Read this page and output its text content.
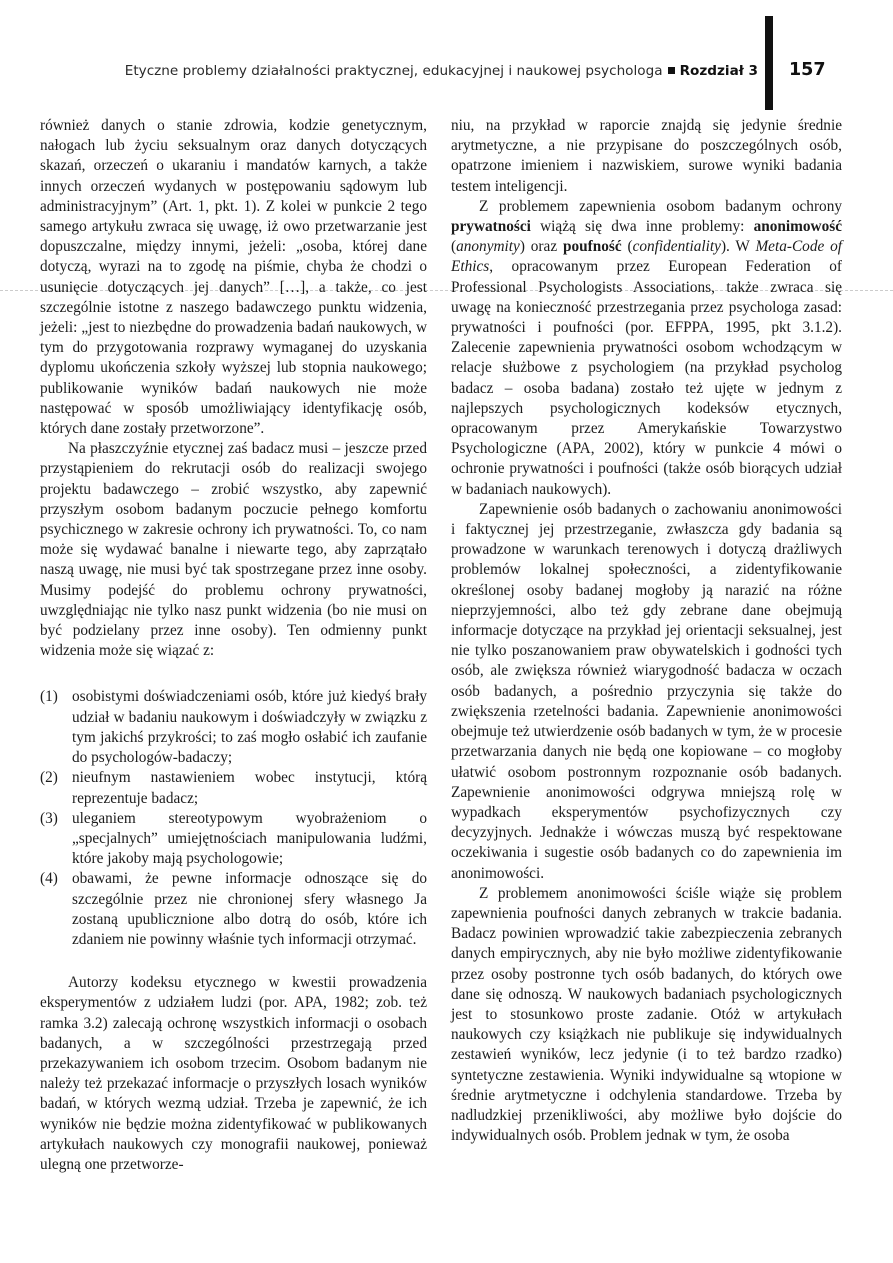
Etyczne problemy działalności praktycznej, edukacyjnej i naukowej psychologa Rozdział 3 157

również danych o stanie zdrowia, kodzie genetycznym, nałogach lub życiu seksualnym oraz danych dotyczących skazań, orzeczeń o ukaraniu i mandatów karnych, a także innych orzeczeń wydanych w postępowaniu sądowym lub administracyjnym” (Art. 1, pkt. 1). Z kolei w punkcie 2 tego samego artykułu zwraca się uwagę, iż owo przetwarzanie jest dopuszczalne, między innymi, jeżeli: „osoba, której dane dotyczą, wyrazi na to zgodę na piśmie, chyba że chodzi o usunięcie dotyczących jej danych” […], a także, co jest szczególnie istotne z naszego badawczego punktu widzenia, jeżeli: „jest to niezbędne do prowadzenia badań naukowych, w tym do przygotowania rozprawy wymaganej do uzyskania dyplomu ukończenia szkoły wyższej lub stopnia naukowego; publikowanie wyników badań naukowych nie może następować w sposób umożliwiający identyfikację osób, których dane zostały przetworzone”.

Na płaszczyźnie etycznej zaś badacz musi – jeszcze przed przystąpieniem do rekrutacji osób do realizacji swojego projektu badawczego – zrobić wszystko, aby zapewnić przyszłym osobom badanym poczucie pełnego komfortu psychicznego w zakresie ochrony ich prywatności. To, co nam może się wydawać banalne i niewarte tego, aby zaprzątało naszą uwagę, nie musi być tak spostrzegane przez inne osoby. Musimy podejść do problemu ochrony prywatności, uwzględniając nie tylko nasz punkt widzenia (bo nie musi on być podzielany przez inne osoby). Ten odmienny punkt widzenia może się wiązać z:

(1) osobistymi doświadczeniami osób, które już kiedyś brały udział w badaniu naukowym i doświadczyły w związku z tym jakichś przykrości; to zaś mogło osłabić ich zaufanie do psychologów-badaczy;
(2) nieufnym nastawieniem wobec instytucji, którą reprezentuje badacz;
(3) uleganiem stereotypowym wyobrażeniom o „specjalnych” umiejętnościach manipulowania ludźmi, które jakoby mają psychologowie;
(4) obawami, że pewne informacje odnoszące się do szczególnie przez nie chronionej sfery własnego Ja zostaną upublicznione albo dotrą do osób, które ich zdaniem nie powinny właśnie tych informacji otrzymać.

Autorzy kodeksu etycznego w kwestii prowadzenia eksperymentów z udziałem ludzi (por. APA, 1982; zob. też ramka 3.2) zalecają ochronę wszystkich informacji o osobach badanych, a w szczególności przestrzegają przed przekazywaniem ich osobom trzecim. Osobom badanym nie należy też przekazać informacje o przyszłych losach wyników badań, w których wezmą udział. Trzeba je zapewnić, że ich wyników nie będzie można zidentyfikować w publikowanych artykułach naukowych czy monografii naukowej, ponieważ ulegną one przetworze-

niu, na przykład w raporcie znajdą się jedynie średnie arytmetyczne, a nie przypisane do poszczególnych osób, opatrzone imieniem i nazwiskiem, surowe wyniki badania testem inteligencji.

Z problemem zapewnienia osobom badanym ochrony prywatności wiążą się dwa inne problemy: anonimowość (anonymity) oraz poufność (confidentiality). W Meta-Code of Ethics, opracowanym przez European Federation of Professional Psychologists Associations, także zwraca się uwagę na konieczność przestrzegania przez psychologa zasad: prywatności i poufności (por. EFPPA, 1995, pkt 3.1.2). Zalecenie zapewnienia prywatności osobom wchodzącym w relacje służbowe z psychologiem (na przykład psycholog badacz – osoba badana) zostało też ujęte w jednym z najlepszych psychologicznych kodeksów etycznych, opracowanym przez Amerykańskie Towarzystwo Psychologiczne (APA, 2002), który w punkcie 4 mówi o ochronie prywatności i poufności (także osób biorących udział w badaniach naukowych).

Zapewnienie osób badanych o zachowaniu anonimowości i faktycznej jej przestrzeganie, zwłaszcza gdy badania są prowadzone w warunkach terenowych i dotyczą drażliwych problemów lokalnej społeczności, a zidentyfikowanie określonej osoby badanej mogłoby ją narazić na różne nieprzyjemności, albo też gdy zebrane dane obejmują informacje dotyczące na przykład jej orientacji seksualnej, jest nie tylko poszanowaniem praw obywatelskich i godności tych osób, ale zwiększa również wiarygodność badacza w oczach osób badanych, a pośrednio przyczynia się także do zwiększenia rzetelności badania. Zapewnienie anonimowości obejmuje też utwierdzenie osób badanych w tym, że w procesie przetwarzania danych nie będą one kopiowane – co mogłoby ułatwić osobom postronnym rozpoznanie osób badanych. Zapewnienie anonimowości odgrywa mniejszą rolę w wypadkach eksperymentów psychofizycznych czy decyzyjnych. Jednakże i wówczas muszą być respektowane oczekiwania i sugestie osób badanych co do zapewnienia im anonimowości.

Z problemem anonimowości ściśle wiąże się problem zapewnienia poufności danych zebranych w trakcie badania. Badacz powinien wprowadzić takie zabezpieczenia zebranych danych empirycznych, aby nie było możliwe zidentyfikowanie przez osoby postronne tych osób badanych, do których owe dane się odnoszą. W naukowych badaniach psychologicznych jest to stosunkowo proste zadanie. Otóż w artykułach naukowych czy książkach nie publikuje się indywidualnych zestawień wyników, lecz jedynie (i to też bardzo rzadko) syntetyczne zestawienia. Wyniki indywidualne są wtopione w średnie arytmetyczne i odchylenia standardowe. Trzeba by nadludzkiej przenikliwości, aby możliwe było dojście do indywidualnych osób. Problem jednak w tym, że osoba
